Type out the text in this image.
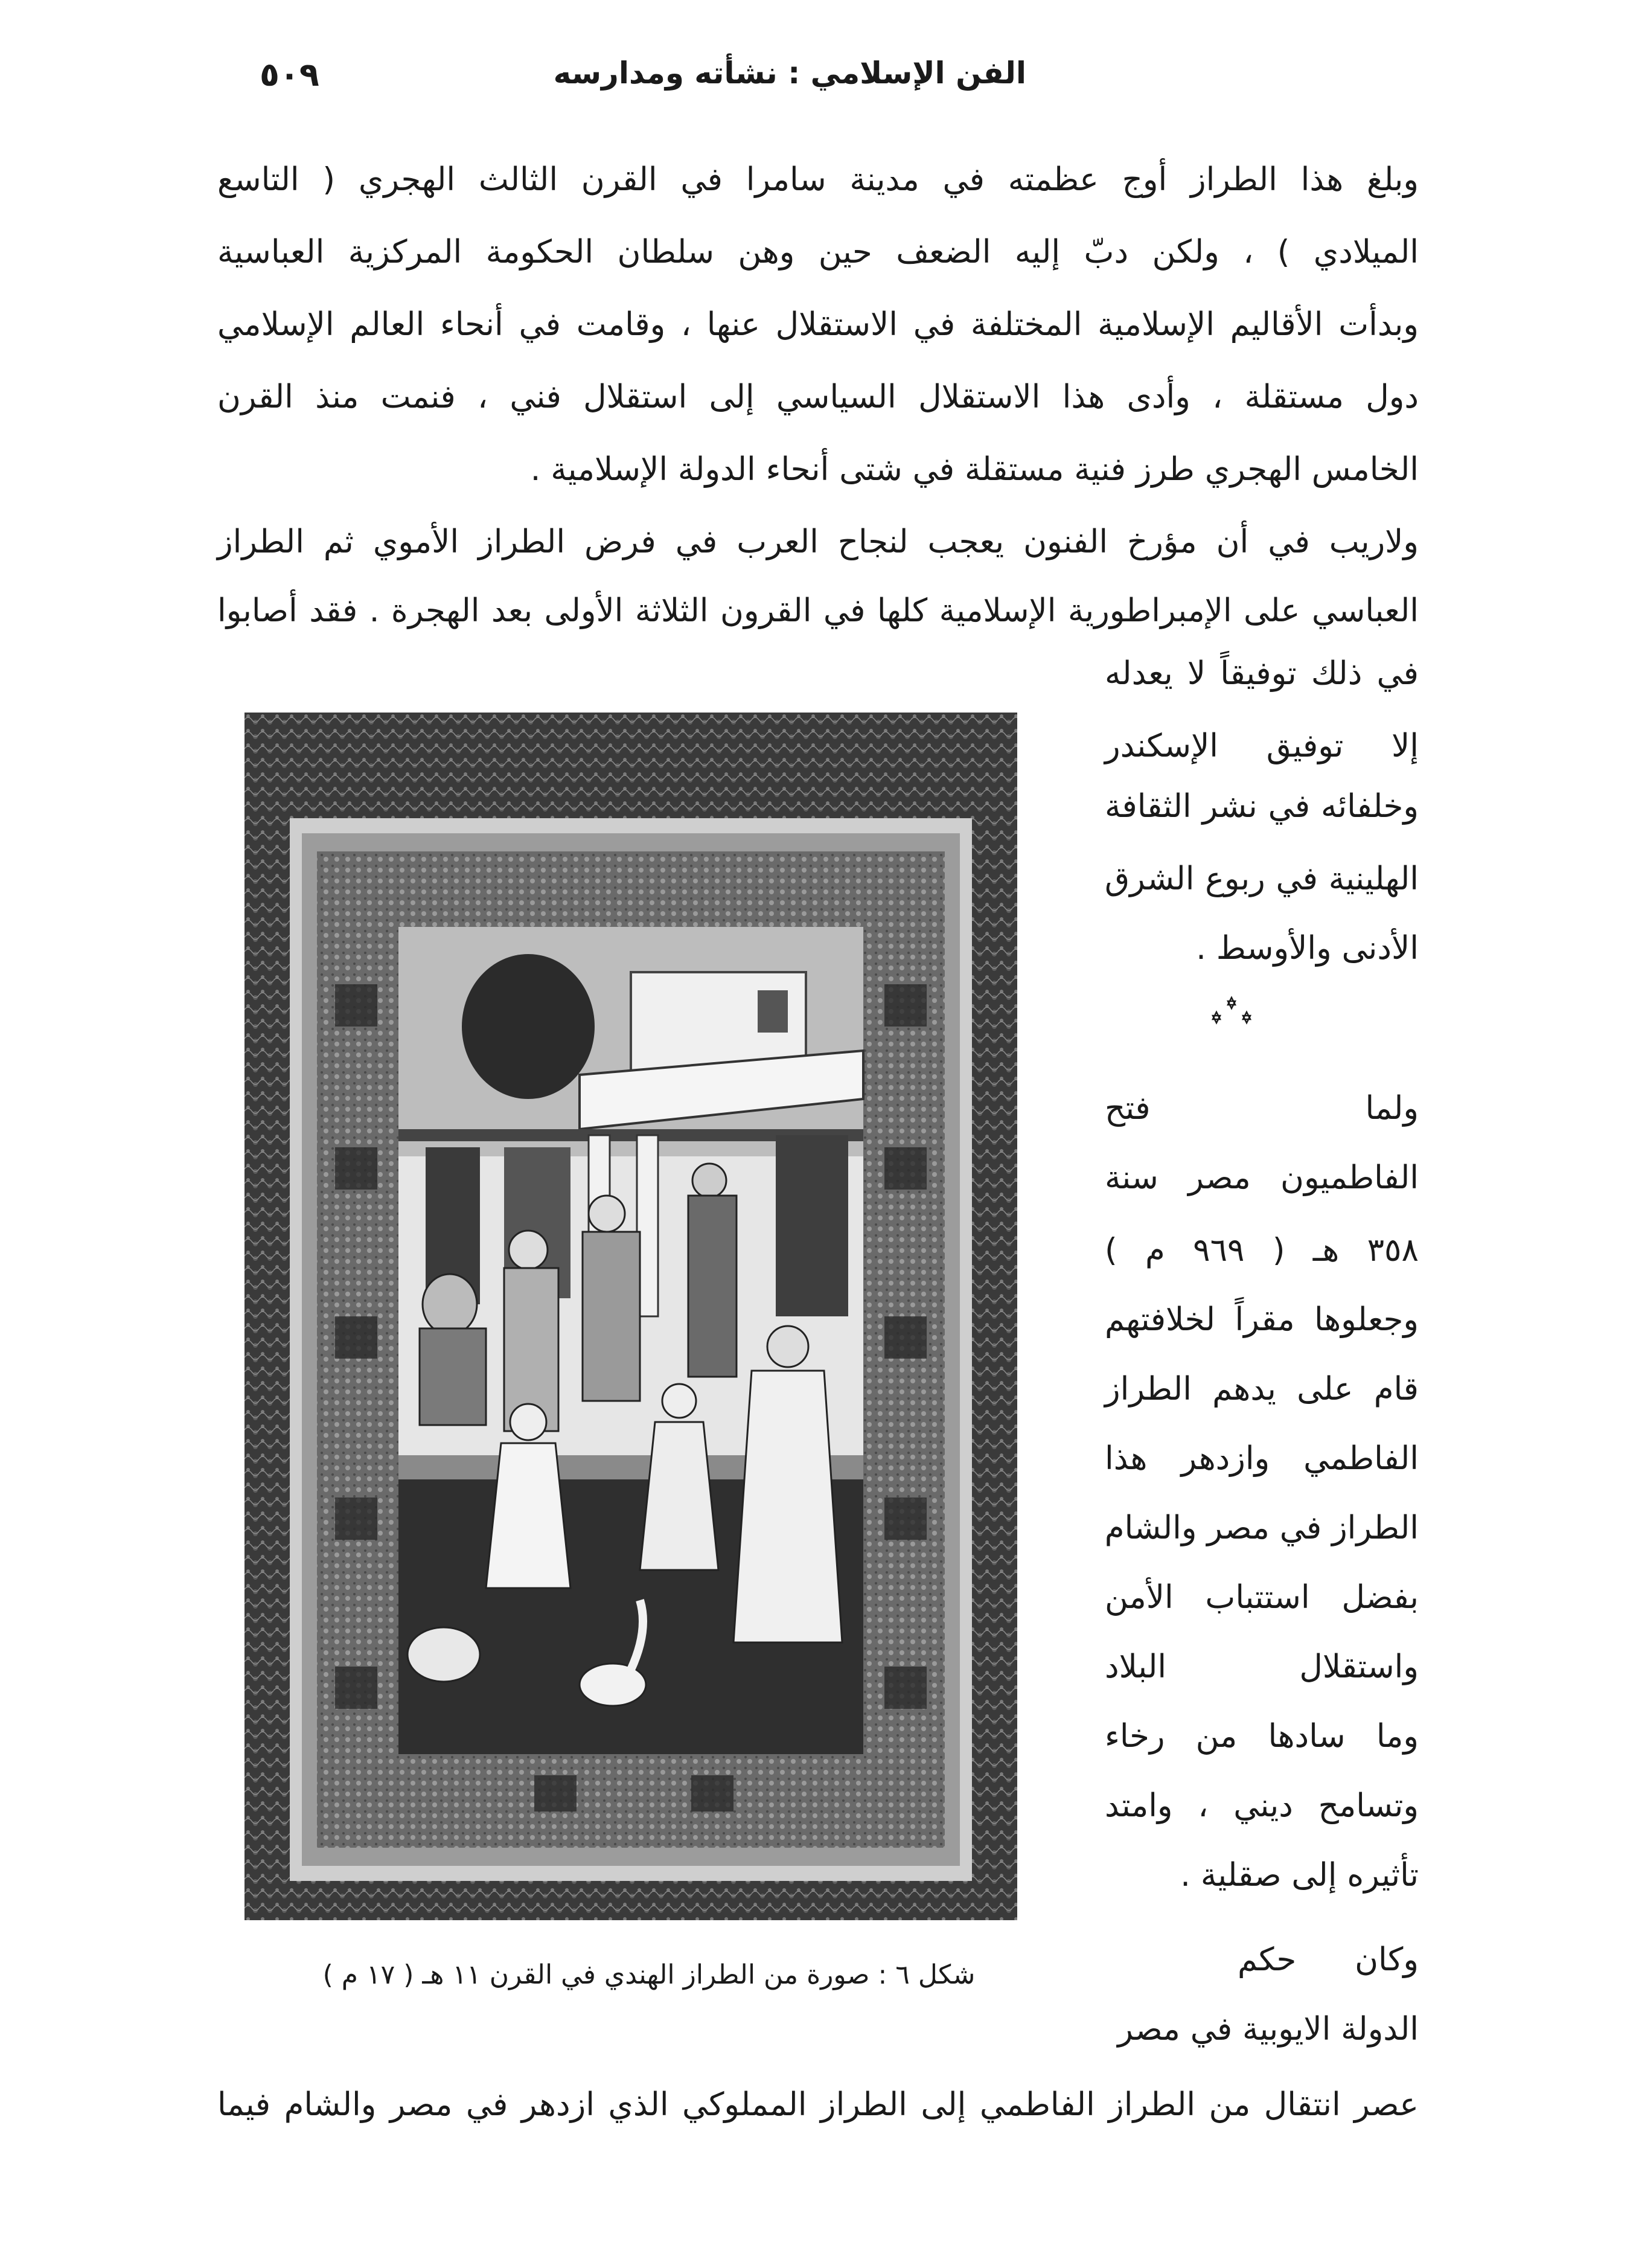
الفن الإسلامي : نشأته ومدارسه
٥٠٩
وبلغ هذا الطراز أوج عظمته في مدينة سامرا في القرن الثالث الهجري ( التاسع
الميلادي ) ، ولكن دبّ إليه الضعف حين وهن سلطان الحكومة المركزية العباسية
وبدأت الأقاليم الإسلامية المختلفة في الاستقلال عنها ، وقامت في أنحاء العالم الإسلامي
دول مستقلة ، وأدى هذا الاستقلال السياسي إلى استقلال فني ، فنمت منذ القرن
الخامس الهجري طرز فنية مستقلة في شتى أنحاء الدولة الإسلامية .
ولاريب في أن مؤرخ الفنون يعجب لنجاح العرب في فرض الطراز الأموي ثم الطراز
العباسي على الإمبراطورية الإسلامية كلها في القرون الثلاثة الأولى بعد الهجرة . فقد أصابوا
في ذلك توفيقاً لا يعدله
إلا توفيق الإسكندر
وخلفائه في نشر الثقافة
الهلينية في ربوع الشرق
الأدنى والأوسط .
ولما فتح
الفاطميون مصر سنة
٣٥٨ هـ ( ٩٦٩ م )
وجعلوها مقراً لخلافتهم
قام على يدهم الطراز
الفاطمي وازدهر هذا
الطراز في مصر والشام
بفضل استتباب الأمن
واستقلال البلاد
وما سادها من رخاء
وتسامح ديني ، وامتد
تأثيره إلى صقلية .
وكان حكم
الدولة الايوبية في مصر
عصر انتقال من الطراز الفاطمي إلى الطراز المملوكي الذي ازدهر في مصر والشام فيما
شكل ٦ : صورة من الطراز الهندي في القرن ١١ هـ ( ١٧ م )
